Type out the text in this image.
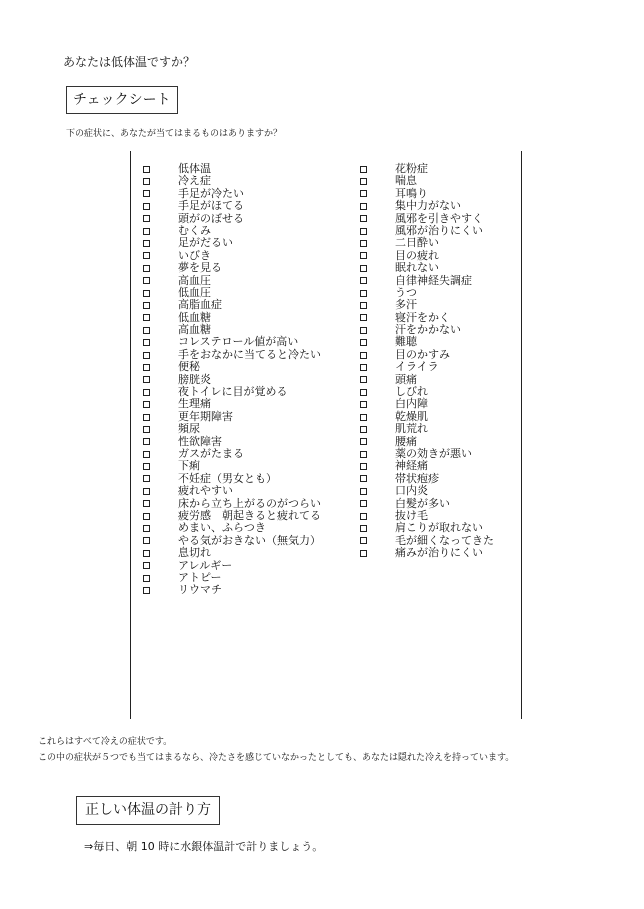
あなたは低体温ですか？
チェックシート
下の症状に、あなたが当てはまるものはありますか？
低体温
冷え症
手足が冷たい
手足がほてる
頭がのぼせる
むくみ
足がだるい
いびき
夢を見る
高血圧
低血圧
高脂血症
低血糖
高血糖
コレステロール値が高い
手をおなかに当てると冷たい
便秘
膀胱炎
夜トイレに目が覚める
生理痛
更年期障害
頻尿
性欲障害
ガスがたまる
下痢
不妊症（男女とも）
疲れやすい
床から立ち上がるのがつらい
疲労感　朝起きると疲れてる
めまい、ふらつき
やる気がおきない（無気力）
息切れ
アレルギー
アトピー
リウマチ
花粉症
喘息
耳鳴り
集中力がない
風邪を引きやすく
風邪が治りにくい
二日酔い
目の疲れ
眠れない
自律神経失調症
うつ
多汗
寝汗をかく
汗をかかない
難聴
目のかすみ
イライラ
頭痛
しびれ
白内障
乾燥肌
肌荒れ
腰痛
薬の効きが悪い
神経痛
帯状疱疹
口内炎
白髪が多い
抜け毛
肩こりが取れない
毛が細くなってきた
痛みが治りにくい
これらはすべて冷えの症状です。
この中の症状が５つでも当てはまるなら、冷たさを感じていなかったとしても、あなたは隠れた冷えを持っています。
正しい体温の計り方
⇒毎日、朝 10 時に水銀体温計で計りましょう。
